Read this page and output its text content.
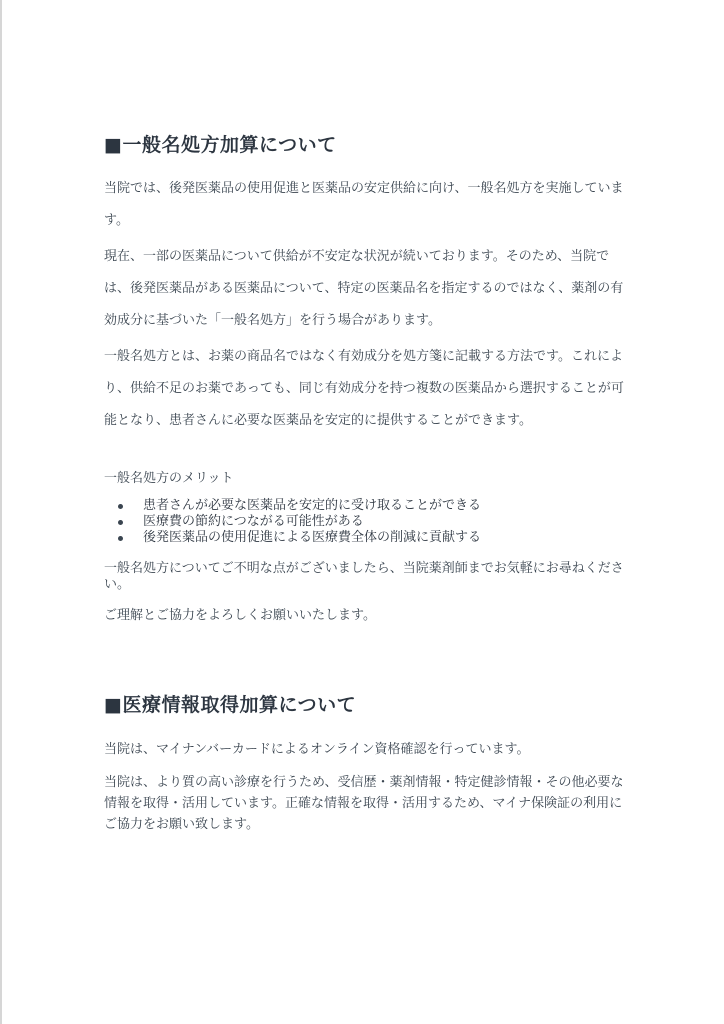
■一般名処方加算について

当院では、後発医薬品の使用促進と医薬品の安定供給に向け、一般名処方を実施しています。

現在、一部の医薬品について供給が不安定な状況が続いております。そのため、当院では、後発医薬品がある医薬品について、特定の医薬品名を指定するのではなく、薬剤の有効成分に基づいた「一般名処方」を行う場合があります。

一般名処方とは、お薬の商品名ではなく有効成分を処方箋に記載する方法です。これにより、供給不足のお薬であっても、同じ有効成分を持つ複数の医薬品から選択することが可能となり、患者さんに必要な医薬品を安定的に提供することができます。

一般名処方のメリット

患者さんが必要な医薬品を安定的に受け取ることができる
医療費の節約につながる可能性がある
後発医薬品の使用促進による医療費全体の削減に貢献する

一般名処方についてご不明な点がございましたら、当院薬剤師までお気軽にお尋ねください。

ご理解とご協力をよろしくお願いいたします。

■医療情報取得加算について

当院は、マイナンバーカードによるオンライン資格確認を行っています。

当院は、より質の高い診療を行うため、受信歴・薬剤情報・特定健診情報・その他必要な情報を取得・活用しています。正確な情報を取得・活用するため、マイナ保険証の利用にご協力をお願い致します。
